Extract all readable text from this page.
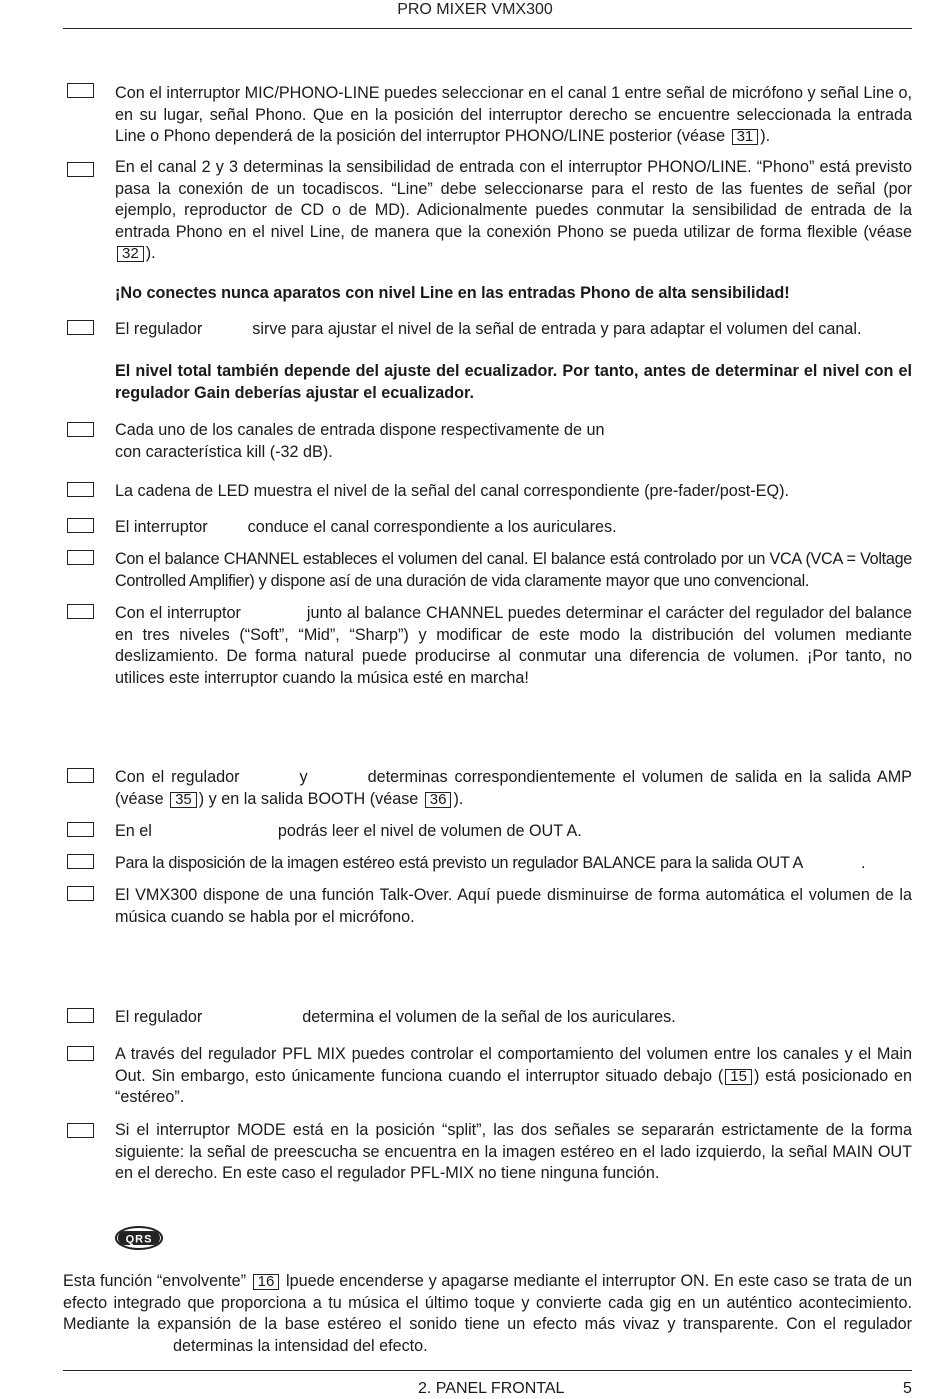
PRO MIXER VMX300
Con el interruptor MIC/PHONO-LINE puedes seleccionar en el canal 1 entre señal de micrófono y señal Line o, en su lugar, señal Phono. Que en la posición del interruptor derecho se encuentre seleccionada la entrada Line o Phono dependerá de la posición del interruptor PHONO/LINE posterior (véase 31 ).
En el canal 2 y 3 determinas la sensibilidad de entrada con el interruptor PHONO/LINE. “Phono” está previsto pasa la conexión de un tocadiscos. “Line” debe seleccionarse para el resto de las fuentes de señal (por ejemplo, reproductor de CD o de MD). Adicionalmente puedes conmutar la sensibilidad de entrada de la entrada Phono en el nivel Line, de manera que la conexión Phono se pueda utilizar de forma flexible (véase 32 ).
¡No conectes nunca aparatos con nivel Line en las entradas Phono de alta sensibilidad!
El regulador	sirve para ajustar el nivel de la señal de entrada y para adaptar el volumen del canal.
El nivel total también depende del ajuste del ecualizador. Por tanto, antes de determinar el nivel con el regulador Gain deberías ajustar el ecualizador.
Cada uno de los canales de entrada dispone respectivamente de un
con característica kill (-32 dB).
La cadena de LED muestra el nivel de la señal del canal correspondiente (pre-fader/post-EQ).
El interruptor conduce el canal correspondiente a los auriculares.
Con el balance CHANNEL estableces el volumen del canal. El balance está controlado por un VCA (VCA = Voltage Controlled Amplifier) y dispone así de una duración de vida claramente mayor que uno convencional.
Con el interruptor	junto al balance CHANNEL puedes determinar el carácter del regulador del balance en tres niveles (“Soft”, “Mid”, “Sharp”) y modificar de este modo la distribución del volumen mediante deslizamiento. De forma natural puede producirse al conmutar una diferencia de volumen. ¡Por tanto, no utilices este interruptor cuando la música esté en marcha!
Con el regulador	y	determinas correspondientemente el volumen de salida en la salida AMP (véase 35 ) y en la salida BOOTH (véase 36 ).
En el	podrás leer el nivel de volumen de OUT A.
Para la disposición de la imagen estéreo está previsto un regulador BALANCE para la salida OUT A	.
El VMX300 dispone de una función Talk-Over. Aquí puede disminuirse de forma automática el volumen de la música cuando se habla por el micrófono.
El regulador	determina el volumen de la señal de los auriculares.
A través del regulador PFL MIX puedes controlar el comportamiento del volumen entre los canales y el Main Out. Sin embargo, esto únicamente funciona cuando el interruptor situado debajo ( 15 ) está posicionado en “estéreo”.
Si el interruptor MODE está en la posición “split”, las dos señales se separarán estrictamente de la forma siguiente: la señal de preescucha se encuentra en la imagen estéreo en el lado izquierdo, la señal MAIN OUT en el derecho. En este caso el regulador PFL-MIX no tiene ninguna función.
QRS
Esta función “envolvente” 16 lpuede encenderse y apagarse mediante el interruptor ON. En este caso se trata de un efecto integrado que proporciona a tu música el último toque y convierte cada gig en un auténtico acontecimiento. Mediante la expansión de la base estéreo el sonido tiene un efecto más vivaz y transparente. Con el reguladordeterminas la intensidad del efecto.
2. PANEL FRONTAL	5
